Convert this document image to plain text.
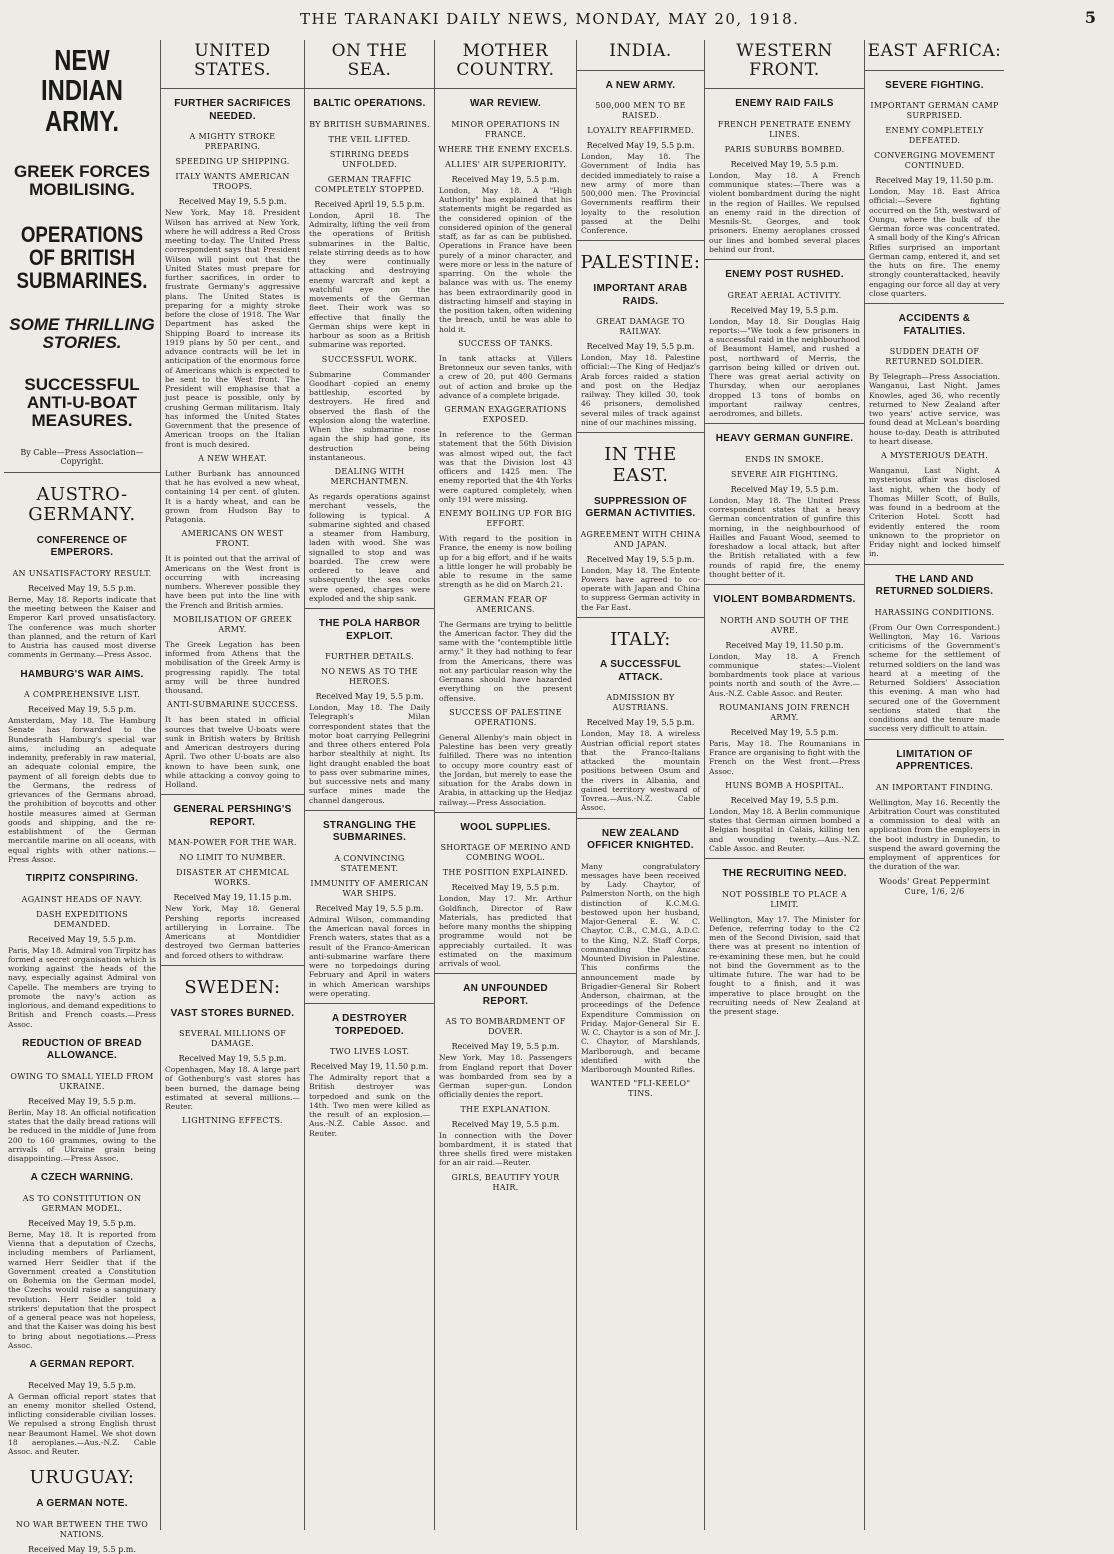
THE TARANAKI DAILY NEWS, MONDAY, MAY 20, 1918.	5
NEW INDIAN ARMY.
GREEK FORCES MOBILISING.
OPERATIONS OF BRITISH SUBMARINES.
SOME THRILLING STORIES.
SUCCESSFUL ANTI-U-BOAT MEASURES.
By Cable—Press Association—Copyright.
AUSTRO-GERMANY.
CONFERENCE OF EMPERORS.
AN UNSATISFACTORY RESULT.
Received May 19, 5.5 p.m.
Berne, May 18. Reports indicate that the meeting between the Kaiser and Emperor Karl proved unsatisfactory. The conference was much shorter than planned, and the return of Karl to Austria has caused most diverse comments in Germany.—Press Assoc.
HAMBURG'S WAR AIMS.
A COMPREHENSIVE LIST.
Received May 19, 5.5 p.m.
Amsterdam, May 18. The Hamburg Senate has forwarded to the Bundesrath Hamburg's special war aims, including an adequate indemnity, preferably in raw material, an adequate colonial empire, the payment of all foreign debts due to the Germans, the redress of grievances of the Germans abroad, the prohibition of boycotts and other hostile measures aimed at German goods and shipping, and the re-establishment of the German mercantile marine on all oceans, with equal rights with other nations.—Press Assoc.
TIRPITZ CONSPIRING.
AGAINST HEADS OF NAVY.
DASH EXPEDITIONS DEMANDED.
Received May 19, 5.5 p.m.
Paris, May 18. Admiral von Tirpitz has formed a secret organisation which is working against the heads of the navy, especially against Admiral von Capelle. The members are trying to promote the navy's action as inglorious, and demand expeditions to British and French coasts.—Press Assoc.
REDUCTION OF BREAD ALLOWANCE.
OWING TO SMALL YIELD FROM UKRAINE.
Received May 19, 5.5 p.m.
Berlin, May 18. An official notification states that the daily bread rations will be reduced in the middle of June from 200 to 160 grammes, owing to the arrivals of Ukraine grain being disappointing.—Press Assoc.
A CZECH WARNING.
AS TO CONSTITUTION ON GERMAN MODEL.
Received May 19, 5.5 p.m.
Berne, May 18. It is reported from Vienna that a deputation of Czechs, including members of Parliament, warned Herr Seidler that if the Government created a Constitution on Bohemia on the German model, the Czechs would raise a sanguinary revolution. Herr Seidler told a strikers' deputation that the prospect of a general peace was not hopeless, and that the Kaiser was doing his best to bring about negotiations.—Press Assoc.
A GERMAN REPORT.
Received May 19, 5.5 p.m.
A German official report states that an enemy monitor shelled Ostend, inflicting considerable civilian losses. We repulsed a strong English thrust near Beaumont Hamel. We shot down 18 aeroplanes.—Aus.-N.Z. Cable Assoc. and Reuter.
URUGUAY:
A GERMAN NOTE.
NO WAR BETWEEN THE TWO NATIONS.
Received May 19, 5.5 p.m.
UNITED STATES.
FURTHER SACRIFICES NEEDED.
A MIGHTY STROKE PREPARING.
SPEEDING UP SHIPPING.
ITALY WANTS AMERICAN TROOPS.
Received May 19, 5.5 p.m.
New York, May 18. President Wilson has arrived at New York, where he will address a Red Cross meeting to-day. The United Press correspondent says that President Wilson will point out that the United States must prepare for further sacrifices, in order to frustrate Germany's aggressive plans. The United States is preparing for a mighty stroke before the close of 1918. The War Department has asked the Shipping Board to increase its 1919 plans by 50 per cent., and advance contracts will be let in anticipation of the enormous force of Americans which is expected to be sent to the West front. The President will emphasise that a just peace is possible, only by crushing German militarism. Italy has informed the United States Government that the presence of American troops on the Italian front is much desired.
A NEW WHEAT.
Luther Burbank has announced that he has evolved a new wheat, containing 14 per cent. of gluten. It is a hardy wheat, and can be grown from Hudson Bay to Patagonia.
AMERICANS ON WEST FRONT.
It is pointed out that the arrival of Americans on the West front is occurring with increasing numbers. Wherever possible they have been put into the line with the French and British armies.
MOBILISATION OF GREEK ARMY.
The Greek Legation has been informed from Athens that the mobilisation of the Greek Army is progressing rapidly. The total army will be three hundred thousand.
ANTI-SUBMARINE SUCCESS.
It has been stated in official sources that twelve U-boats were sunk in British waters by British and American destroyers during April. Two other U-boats are also known to have been sunk, one while attacking a convoy going to Holland.
GENERAL PERSHING'S REPORT.
MAN-POWER FOR THE WAR.
NO LIMIT TO NUMBER.
DISASTER AT CHEMICAL WORKS.
Received May 19, 11.15 p.m.
New York, May 18. General Pershing reports increased artillerying in Lorraine. The Americans at Montdidier destroyed two German batteries and forced others to withdraw.
SWEDEN:
VAST STORES BURNED.
SEVERAL MILLIONS OF DAMAGE.
Received May 19, 5.5 p.m.
Copenhagen, May 18. A large part of Gothenburg's vast stores has been burned, the damage being estimated at several millions.—Reuter.
LIGHTNING EFFECTS.
ON THE SEA.
BALTIC OPERATIONS.
BY BRITISH SUBMARINES.
THE VEIL LIFTED.
STIRRING DEEDS UNFOLDED.
GERMAN TRAFFIC COMPLETELY STOPPED.
Received April 19, 5.5 p.m.
London, April 18. The Admiralty, lifting the veil from the operations of British submarines in the Baltic, relate stirring deeds as to how they were continually attacking and destroying enemy warcraft and kept a watchful eye on the movements of the German fleet. Their work was so effective that finally the German ships were kept in harbour as soon as a British submarine was reported.
SUCCESSFUL WORK.
Submarine Commander Goodhart copied an enemy battleship, escorted by destroyers. He fired and observed the flash of the explosion along the waterline. When the submarine rose again the ship had gone, its destruction being instantaneous.
DEALING WITH MERCHANTMEN.
As regards operations against merchant vessels, the following is typical. A submarine sighted and chased a steamer from Hamburg, laden with wood. She was signalled to stop and was boarded. The crew were ordered to leave and subsequently the sea cocks were opened, charges were exploded and the ship sank.
THE POLA HARBOR EXPLOIT.
FURTHER DETAILS.
NO NEWS AS TO THE HEROES.
Received May 19, 5.5 p.m.
London, May 18. The Daily Telegraph's Milan correspondent states that the motor boat carrying Pellegrini and three others entered Pola harbor stealthily at night. Its light draught enabled the boat to pass over submarine mines, but successive nets and many surface mines made the channel dangerous.
STRANGLING THE SUBMARINES.
A CONVINCING STATEMENT.
IMMUNITY OF AMERICAN WAR SHIPS.
Received May 19, 5.5 p.m.
Admiral Wilson, commanding the American naval forces in French waters, states that as a result of the Franco-American anti-submarine warfare there were no torpedoings during February and April in waters in which American warships were operating.
A DESTROYER TORPEDOED.
TWO LIVES LOST.
Received May 19, 11.50 p.m.
The Admiralty report that a British destroyer was torpedoed and sunk on the 14th. Two men were killed as the result of an explosion.—Aus.-N.Z. Cable Assoc. and Reuter.
MOTHER COUNTRY.
WAR REVIEW.
MINOR OPERATIONS IN FRANCE.
WHERE THE ENEMY EXCELS.
ALLIES' AIR SUPERIORITY.
Received May 19, 5.5 p.m.
London, May 18. A "High Authority" has explained that his statements might be regarded as the considered opinion of the considered opinion of the general staff, as far as can be published. Operations in France have been purely of a minor character, and were more or less in the nature of sparring. On the whole the balance was with us. The enemy has been extraordinarily good in distracting himself and staying in the position taken, often widening the breach, until he was able to hold it.
SUCCESS OF TANKS.
In tank attacks at Villers Bretonneux our seven tanks, with a crew of 20, put 400 Germans out of action and broke up the advance of a complete brigade.
GERMAN EXAGGERATIONS EXPOSED.
In reference to the German statement that the 56th Division was almost wiped out, the fact was that the Division lost 43 officers and 1425 men. The enemy reported that the 4th Yorks were captured completely, when only 191 were missing.
ENEMY BOILING UP FOR BIG EFFORT.
With regard to the position in France, the enemy is now boiling up for a big effort, and if he waits a little longer he will probably be able to resume in the same strength as he did on March 21.
GERMAN FEAR OF AMERICANS.
The Germans are trying to belittle the American factor. They did the same with the "contemptible little army." It they had nothing to fear from the Americans, there was not any particular reason why the Germans should have hazarded everything on the present offensive.
SUCCESS OF PALESTINE OPERATIONS.
General Allenby's main object in Palestine has been very greatly fulfilled. There was no intention to occupy more country east of the Jordan, but merely to ease the situation for the Arabs down in Arabia, in attacking up the Hedjaz railway.—Press Association.
WOOL SUPPLIES.
SHORTAGE OF MERINO AND COMBING WOOL.
THE POSITION EXPLAINED.
Received May 19, 5.5 p.m.
London, May 17. Mr. Arthur Goldfinch, Director of Raw Materials, has predicted that before many months the shipping programme would not be appreciably curtailed. It was estimated on the maximum arrivals of wool.
AN UNFOUNDED REPORT.
AS TO BOMBARDMENT OF DOVER.
Received May 19, 5.5 p.m.
New York, May 18. Passengers from England report that Dover was bombarded from sea by a German super-gun. London officially denies the report.
THE EXPLANATION.
Received May 19, 5.5 p.m.
In connection with the Dover bombardment, it is stated that three shells fired were mistaken for an air raid.—Reuter.
GIRLS, BEAUTIFY YOUR HAIR.
INDIA.
A NEW ARMY.
500,000 MEN TO BE RAISED.
LOYALTY REAFFIRMED.
Received May 19, 5.5 p.m.
London, May 18. The Government of India has decided immediately to raise a new army of more than 500,000 men. The Provincial Governments reaffirm their loyalty to the resolution passed at the Delhi Conference.
PALESTINE:
IMPORTANT ARAB RAIDS.
GREAT DAMAGE TO RAILWAY.
Received May 19, 5.5 p.m.
London, May 18. Palestine official:—The King of Hedjaz's Arab forces raided a station and post on the Hedjaz railway. They killed 30, took 46 prisoners, demolished several miles of track against nine of our machines missing.
IN THE EAST.
SUPPRESSION OF GERMAN ACTIVITIES.
AGREEMENT WITH CHINA AND JAPAN.
Received May 19, 5.5 p.m.
London, May 18. The Entente Powers have agreed to co-operate with Japan and China to suppress German activity in the Far East.
ITALY:
A SUCCESSFUL ATTACK.
ADMISSION BY AUSTRIANS.
Received May 19, 5.5 p.m.
London, May 18. A wireless Austrian official report states that the Franco-Italians attacked the mountain positions between Osum and the rivers in Albania, and gained territory westward of Tovrea.—Aus.-N.Z. Cable Assoc.
NEW ZEALAND OFFICER KNIGHTED.
Many congratulatory messages have been received by Lady Chaytor, of Palmerston North, on the high distinction of K.C.M.G. bestowed upon her husband, Major-General E. W. C. Chaytor, C.B., C.M.G., A.D.C. to the King, N.Z. Staff Corps, commanding the Anzac Mounted Division in Palestine. This confirms the announcement made by Brigadier-General Sir Robert Anderson, chairman, at the proceedings of the Defence Expenditure Commission on Friday. Major-General Sir E. W. C. Chaytor is a son of Mr. J. C. Chaytor, of Marshlands, Marlborough, and became identified with the Marlborough Mounted Rifles.
WANTED "FLI-KEELO" TINS.
WESTERN FRONT.
ENEMY RAID FAILS
FRENCH PENETRATE ENEMY LINES.
PARIS SUBURBS BOMBED.
Received May 19, 5.5 p.m.
London, May 18. A French communique states:—There was a violent bombardment during the night in the region of Hailles. We repulsed an enemy raid in the direction of Mesnils-St. Georges, and took prisoners. Enemy aeroplanes crossed our lines and bombed several places behind our front.
ENEMY POST RUSHED.
GREAT AERIAL ACTIVITY.
Received May 19, 5.5 p.m.
London, May 18. Sir Douglas Haig reports:—"We took a few prisoners in a successful raid in the neighbourhood of Beaumont Hamel, and rushed a post, northward of Merris, the garrison being killed or driven out. There was great aerial activity on Thursday, when our aeroplanes dropped 13 tons of bombs on important railway centres, aerodromes, and billets.
HEAVY GERMAN GUNFIRE.
ENDS IN SMOKE.
SEVERE AIR FIGHTING.
Received May 19, 5.5 p.m.
London, May 18. The United Press correspondent states that a heavy German concentration of gunfire this morning, in the neighbourhood of Hailles and Fauant Wood, seemed to foreshadow a local attack, but after the British retaliated with a few rounds of rapid fire, the enemy thought better of it.
VIOLENT BOMBARDMENTS.
NORTH AND SOUTH OF THE AVRE.
Received May 19, 11.50 p.m.
London, May 18. A French communique states:—Violent bombardments took place at various points north and south of the Avre.—Aus.-N.Z. Cable Assoc. and Reuter.
ROUMANIANS JOIN FRENCH ARMY.
Received May 19, 5.5 p.m.
Paris, May 18. The Roumanians in France are organising to fight with the French on the West front.—Press Assoc.
HUNS BOMB A HOSPITAL.
Received May 19, 5.5 p.m.
London, May 18. A Berlin communique states that German airmen bombed a Belgian hospital in Calais, killing ten and wounding twenty.—Aus.-N.Z. Cable Assoc. and Reuter.
THE RECRUITING NEED.
NOT POSSIBLE TO PLACE A LIMIT.
Wellington, May 17. The Minister for Defence, referring today to the C2 men of the Second Division, said that there was at present no intention of re-examining these men, but he could not bind the Government as to the ultimate future. The war had to be fought to a finish, and it was imperative to place brought on the recruiting needs of New Zealand at the present stage.
EAST AFRICA:
SEVERE FIGHTING.
IMPORTANT GERMAN CAMP SURPRISED.
ENEMY COMPLETELY DEFEATED.
CONVERGING MOVEMENT CONTINUED.
Received May 19, 11.50 p.m.
London, May 18. East Africa official:—Severe fighting occurred on the 5th, westward of Oungu, where the bulk of the German force was concentrated. A small body of the King's African Rifles surprised an important German camp, entered it, and set the huts on fire. The enemy strongly counterattacked, heavily engaging our force all day at very close quarters.
ACCIDENTS & FATALITIES.
SUDDEN DEATH OF RETURNED SOLDIER.
By Telegraph—Press Association. Wanganui, Last Night. James Knowles, aged 36, who recently returned to New Zealand after two years' active service, was found dead at McLean's boarding house to-day. Death is attributed to heart disease.
A MYSTERIOUS DEATH.
Wanganui, Last Night. A mysterious affair was disclosed last night, when the body of Thomas Miller Scott, of Bulls, was found in a bedroom at the Criterion Hotel. Scott had evidently entered the room unknown to the proprietor on Friday night and locked himself in.
THE LAND AND RETURNED SOLDIERS.
HARASSING CONDITIONS.
(From Our Own Correspondent.) Wellington, May 16. Various criticisms of the Government's scheme for the settlement of returned soldiers on the land was heard at a meeting of the Returned Soldiers' Association this evening. A man who had secured one of the Government sections stated that the conditions and the tenure made success very difficult to attain.
LIMITATION OF APPRENTICES.
AN IMPORTANT FINDING.
Wellington, May 16. Recently the Arbitration Court was constituted a commission to deal with an application from the employers in the boot industry in Dunedin, to suspend the award governing the employment of apprentices for the duration of the war.
Woods' Great Peppermint Cure, 1/6, 2/6
